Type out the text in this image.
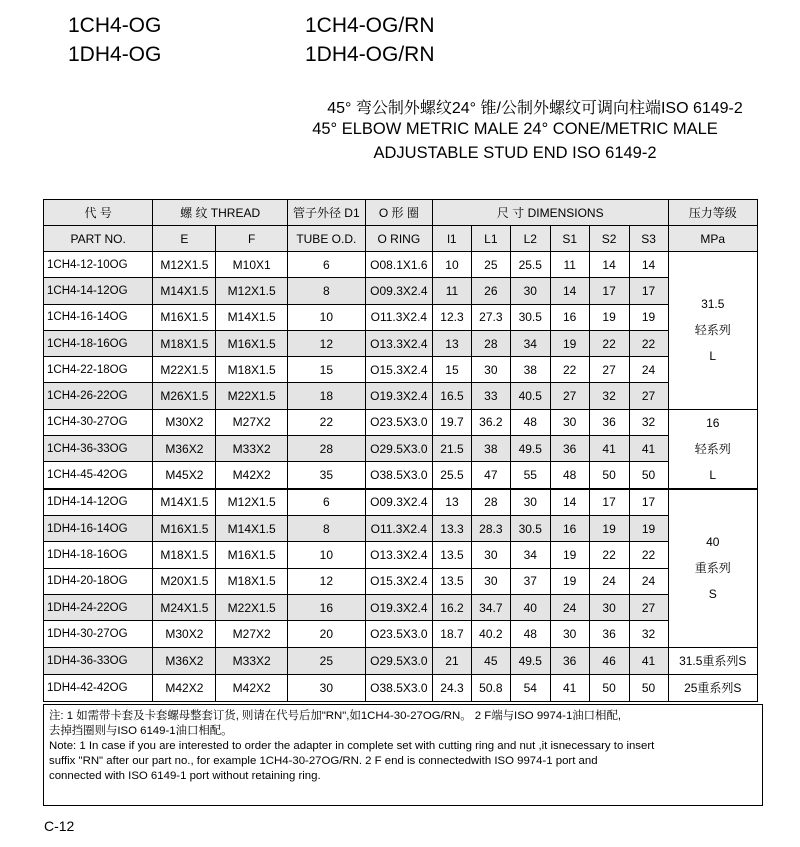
1CH4-OG
1DH4-OG
1CH4-OG/RN
1DH4-OG/RN
45° 弯公制外螺纹24° 锥/公制外螺纹可调向柱端ISO 6149-2
45° ELBOW METRIC MALE 24° CONE/METRIC MALE
ADJUSTABLE STUD END ISO 6149-2
代 号	螺 纹 THREAD		管子外径 D1	O 形 圈	尺 寸 DIMENSIONS						压力等级
PART NO.	E	F	TUBE O.D.	O RING	l1	L1	L2	S1	S2	S3	MPa
1CH4-12-10OG	M12X1.5	M10X1	6	O08.1X1.6	10	25	25.5	11	14	14	31.5
轻系列
L

1CH4-14-12OG	M14X1.5	M12X1.5	8	O09.3X2.4	11	26	30	14	17	17	
1CH4-16-14OG	M16X1.5	M14X1.5	10	O11.3X2.4	12.3	27.3	30.5	16	19	19	
1CH4-18-16OG	M18X1.5	M16X1.5	12	O13.3X2.4	13	28	34	19	22	22	
1CH4-22-18OG	M22X1.5	M18X1.5	15	O15.3X2.4	15	30	38	22	27	24	
1CH4-26-22OG	M26X1.5	M22X1.5	18	O19.3X2.4	16.5	33	40.5	27	32	27	
1CH4-30-27OG	M30X2	M27X2	22	O23.5X3.0	19.7	36.2	48	30	36	32	16
轻系列
L

1CH4-36-33OG	M36X2	M33X2	28	O29.5X3.0	21.5	38	49.5	36	41	41	
1CH4-45-42OG	M45X2	M42X2	35	O38.5X3.0	25.5	47	55	48	50	50	
1DH4-14-12OG	M14X1.5	M12X1.5	6	O09.3X2.4	13	28	30	14	17	17	40
重系列
S

1DH4-16-14OG	M16X1.5	M14X1.5	8	O11.3X2.4	13.3	28.3	30.5	16	19	19	
1DH4-18-16OG	M18X1.5	M16X1.5	10	O13.3X2.4	13.5	30	34	19	22	22	
1DH4-20-18OG	M20X1.5	M18X1.5	12	O15.3X2.4	13.5	30	37	19	24	24	
1DH4-24-22OG	M24X1.5	M22X1.5	16	O19.3X2.4	16.2	34.7	40	24	30	27	
1DH4-30-27OG	M30X2	M27X2	20	O23.5X3.0	18.7	40.2	48	30	36	32	
1DH4-36-33OG	M36X2	M33X2	25	O29.5X3.0	21	45	49.5	36	46	41	31.5重系列S

1DH4-42-42OG	M42X2	M42X2	30	O38.5X3.0	24.3	50.8	54	41	50	50	25重系列S
注: 1 如需带卡套及卡套螺母整套订货, 则请在代号后加"RN",如1CH4-30-27OG/RN。 2 F端与ISO 9974-1油口相配,
去掉挡圈则与ISO 6149-1油口相配。
Note: 1 In case if you are interested to order the adapter in complete set with cutting ring and nut ,it isnecessary to insert
suffix "RN" after our part no., for example 1CH4-30-27OG/RN. 2 F end is connectedwith ISO 9974-1 port and
connected with ISO 6149-1 port without retaining ring.
C-12
